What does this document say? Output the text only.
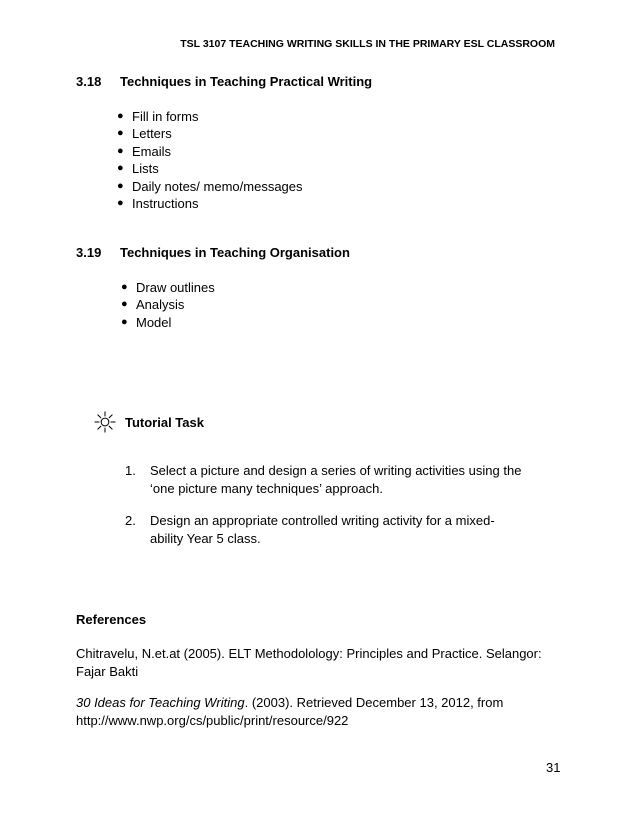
TSL 3107 TEACHING WRITING SKILLS IN THE PRIMARY ESL CLASSROOM
3.18 Techniques in Teaching Practical Writing
● Fill in forms
● Letters
● Emails
● Lists
● Daily notes/ memo/messages
● Instructions
3.19 Techniques in Teaching Organisation
● Draw outlines
● Analysis
● Model
Tutorial Task
1. Select a picture and design a series of writing activities using the ‘one picture many techniques’ approach.
2. Design an appropriate controlled writing activity for a mixed-ability Year 5 class.
References
Chitravelu, N.et.at (2005). ELT Methodolology: Principles and Practice. Selangor: Fajar Bakti
30 Ideas for Teaching Writing. (2003). Retrieved December 13, 2012, from http://www.nwp.org/cs/public/print/resource/922
31
